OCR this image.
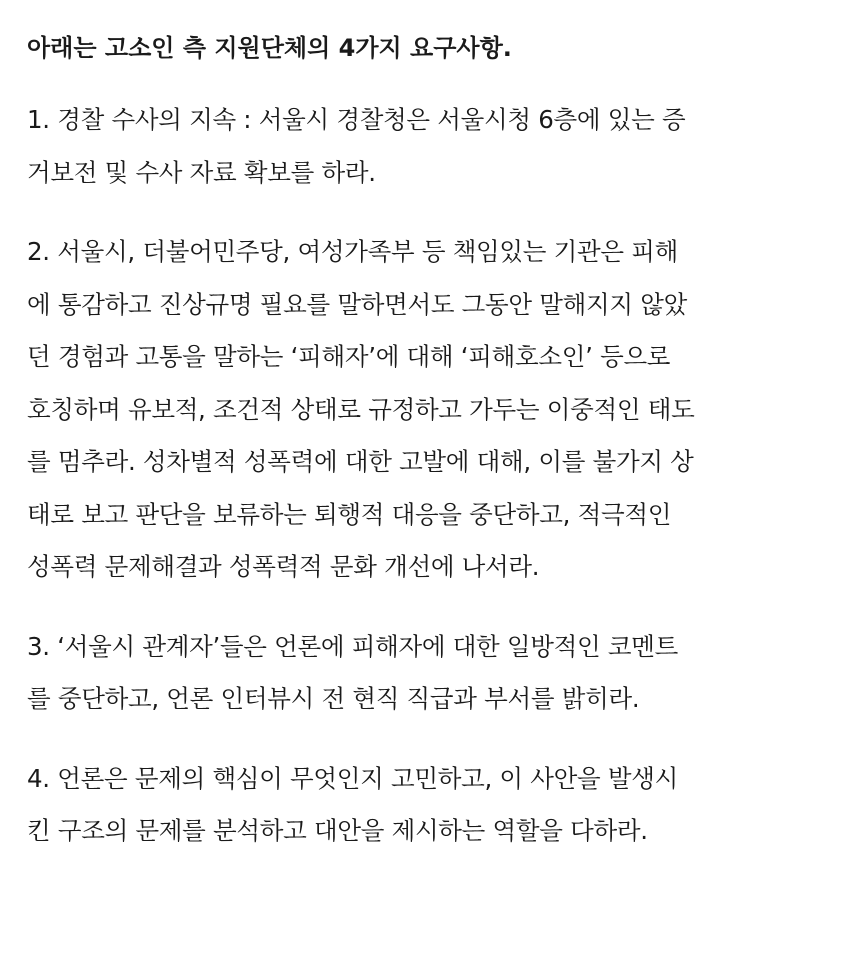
아래는 고소인 측 지원단체의 4가지 요구사항.
1. 경찰 수사의 지속 : 서울시 경찰청은 서울시청 6층에 있는 증
거보전 및 수사 자료 확보를 하라.
2. 서울시, 더불어민주당, 여성가족부 등 책임있는 기관은 피해
에 통감하고 진상규명 필요를 말하면서도 그동안 말해지지 않았
던 경험과 고통을 말하는 ‘피해자’에 대해 ‘피해호소인’ 등으로
호칭하며 유보적, 조건적 상태로 규정하고 가두는 이중적인 태도
를 멈추라. 성차별적 성폭력에 대한 고발에 대해, 이를 불가지 상
태로 보고 판단을 보류하는 퇴행적 대응을 중단하고, 적극적인
성폭력 문제해결과 성폭력적 문화 개선에 나서라.
3. ‘서울시 관계자’들은 언론에 피해자에 대한 일방적인 코멘트
를 중단하고, 언론 인터뷰시 전 현직 직급과 부서를 밝히라.
4. 언론은 문제의 핵심이 무엇인지 고민하고, 이 사안을 발생시
킨 구조의 문제를 분석하고 대안을 제시하는 역할을 다하라.
